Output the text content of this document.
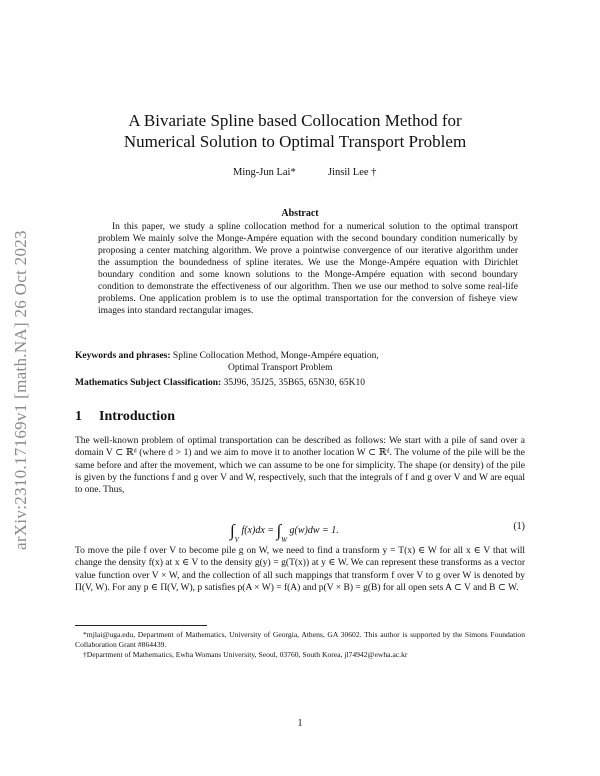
arXiv:2310.17169v1 [math.NA] 26 Oct 2023
A Bivariate Spline based Collocation Method for
Numerical Solution to Optimal Transport Problem
Ming-Jun Lai*	Jinsil Lee †
Abstract

In this paper, we study a spline collocation method for a numerical solution to the optimal transport problem We mainly solve the Monge-Ampére equation with the second boundary condition numerically by proposing a center matching algorithm. We prove a pointwise convergence of our iterative algorithm under the assumption the boundedness of spline iterates. We use the Monge-Ampére equation with Dirichlet boundary condition and some known solutions to the Monge-Ampére equation with second boundary condition to demonstrate the effectiveness of our algorithm. Then we use our method to solve some real-life problems. One application problem is to use the optimal transportation for the conversion of fisheye view images into standard rectangular images.

Keywords and phrases: Spline Collocation Method, Monge-Ampére equation,
Optimal Transport Problem
Mathematics Subject Classification: 35J96, 35J25, 35B65, 65N30, 65K10
1 Introduction

The well-known problem of optimal transportation can be described as follows: We start with a pile of sand over a domain V ⊂ ℝᵈ (where d > 1) and we aim to move it to another location W ⊂ ℝᵈ. The volume of the pile will be the same before and after the movement, which we can assume to be one for simplicity. The shape (or density) of the pile is given by the functions f and g over V and W, respectively, such that the integrals of f and g over V and W are equal to one. Thus,

$\int_V$ $f(x)dx = \int_W$ g(w)dw = 1.	(1)

To move the pile f over V to become pile g on W, we need to find a transform y = T(x) ∈ W for all x ∈ V that will change the density f(x) at x ∈ V to the density g(y) = g(T(x)) at y ∈ W. We can represent these transforms as a vector value function over V × W, and the collection of all such mappings that transform f over V to g over W is denoted by Π(V, W). For any p ∈ Π(V, W), p satisfies p(A × W) = f(A) and p(V × B) = g(B) for all open sets A ⊂ V and B ⊂ W.

*mjlai@uga.edu, Department of Mathematics, University of Georgia, Athens, GA 30602. This author is supported by the Simons Foundation Collaboration Grant #864439.

†Department of Mathematics, Ewha Womans University, Seoul, 03760, South Korea, jl74942@ewha.ac.kr

1
